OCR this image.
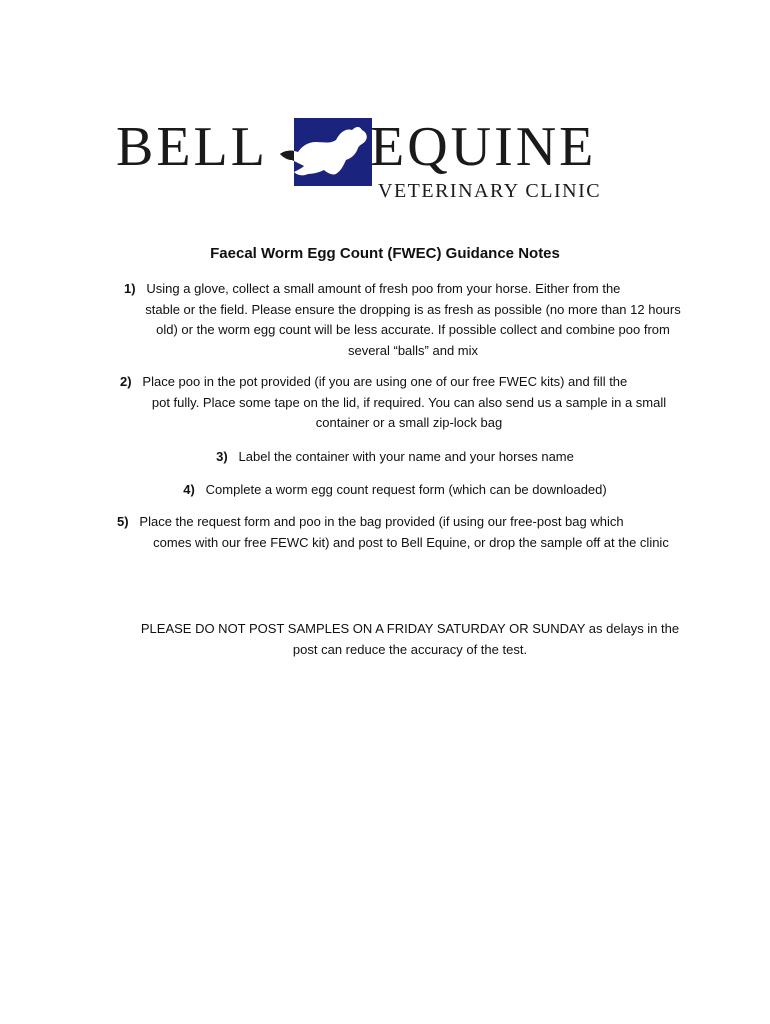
BELL EQUINE
VETERINARY CLINIC
Faecal Worm Egg Count (FWEC) Guidance Notes
1) Using a glove, collect a small amount of fresh poo from your horse. Either from the
stable or the field. Please ensure the dropping is as fresh as possible (no more than 12 hours old) or the worm egg count will be less accurate. If possible collect and combine poo from several “balls” and mix
2) Place poo in the pot provided (if you are using one of our free FWEC kits) and fill the
pot fully. Place some tape on the lid, if required. You can also send us a sample in a small container or a small zip-lock bag
3) Label the container with your name and your horses name
4) Complete a worm egg count request form (which can be downloaded)
5) Place the request form and poo in the bag provided (if using our free-post bag which
comes with our free FEWC kit) and post to Bell Equine, or drop the sample off at the clinic
PLEASE DO NOT POST SAMPLES ON A FRIDAY SATURDAY OR SUNDAY as delays in the post can reduce the accuracy of the test.
